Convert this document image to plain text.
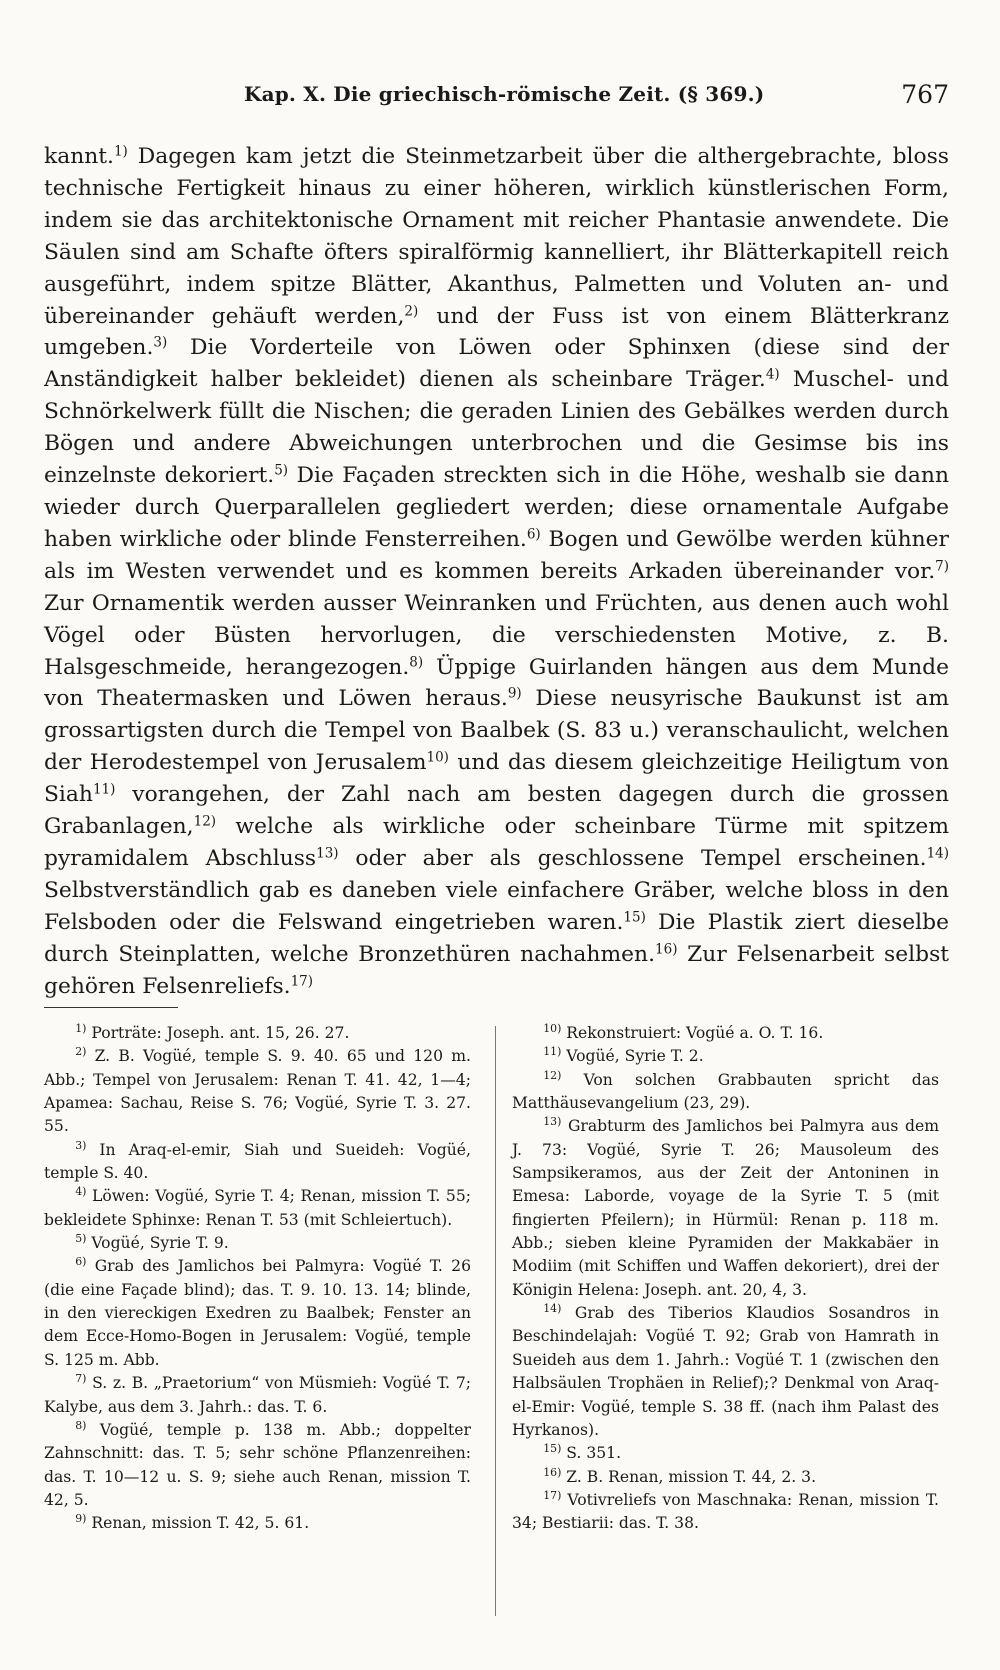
Kap. X. Die griechisch-römische Zeit. (§ 369.)	767

kannt.$^{1)}$ Dagegen kam jetzt die Steinmetzarbeit über die althergebrachte, bloss technische Fertigkeit hinaus zu einer höheren, wirklich künstlerischen Form, indem sie das architektonische Ornament mit reicher Phantasie anwendete. Die Säulen sind am Schafte öfters spiralförmig kannelliert, ihr Blätterkapitell reich ausgeführt, indem spitze Blätter, Akanthus, Palmetten und Voluten an- und übereinander gehäuft werden,$^{2)}$ und der Fuss ist von einem Blätterkranz umgeben.$^{3)}$ Die Vorderteile von Löwen oder Sphinxen (diese sind der Anständigkeit halber bekleidet) dienen als scheinbare Träger.$^{4)}$ Muschel- und Schnörkelwerk füllt die Nischen; die geraden Linien des Gebälkes werden durch Bögen und andere Abweichungen unterbrochen und die Gesimse bis ins einzelnste dekoriert.$^{5)}$ Die Façaden streckten sich in die Höhe, weshalb sie dann wieder durch Querparallelen gegliedert werden; diese ornamentale Aufgabe haben wirkliche oder blinde Fensterreihen.$^{6)}$ Bogen und Gewölbe werden kühner als im Westen verwendet und es kommen bereits Arkaden übereinander vor.$^{7)}$ Zur Ornamentik werden ausser Weinranken und Früchten, aus denen auch wohl Vögel oder Büsten hervorlugen, die verschiedensten Motive, z. B. Halsgeschmeide, herangezogen.$^{8)}$ Üppige Guirlanden hängen aus dem Munde von Theatermasken und Löwen heraus.$^{9)}$ Diese neusyrische Baukunst ist am grossartigsten durch die Tempel von Baalbek (S. 83 u.) veranschaulicht, welchen der Herodestempel von Jerusalem$^{10)}$ und das diesem gleichzeitige Heiligtum von Siah$^{11)}$ vorangehen, der Zahl nach am besten dagegen durch die grossen Grabanlagen,$^{12)}$ welche als wirkliche oder scheinbare Türme mit spitzem pyramidalem Abschluss$^{13)}$ oder aber als geschlossene Tempel erscheinen.$^{14)}$ Selbstverständlich gab es daneben viele einfachere Gräber, welche bloss in den Felsboden oder die Felswand eingetrieben waren.$^{15)}$ Die Plastik ziert dieselbe durch Steinplatten, welche Bronzethüren nachahmen.$^{16)}$ Zur Felsenarbeit selbst gehören Felsenreliefs.$^{17)}$

$^{1)}$ Porträte: Joseph. ant. 15, 26. 27.

$^{2)}$ Z. B. Vogüé, temple S. 9. 40. 65 und 120 m. Abb.; Tempel von Jerusalem: Renan T. 41. 42, 1—4; Apamea: Sachau, Reise S. 76; Vogüé, Syrie T. 3. 27. 55.

$^{3)}$ In Araq-el-emir, Siah und Sueideh: Vogüé, temple S. 40.

$^{4)}$ Löwen: Vogüé, Syrie T. 4; Renan, mission T. 55; bekleidete Sphinxe: Renan T. 53 (mit Schleiertuch).

$^{5)}$ Vogüé, Syrie T. 9.

$^{6)}$ Grab des Jamlichos bei Palmyra: Vogüé T. 26 (die eine Façade blind); das. T. 9. 10. 13. 14; blinde, in den viereckigen Exedren zu Baalbek; Fenster an dem Ecce-Homo-Bogen in Jerusalem: Vogüé, temple S. 125 m. Abb.

$^{7)}$ S. z. B. „Praetorium“ von Müsmieh: Vogüé T. 7; Kalybe, aus dem 3. Jahrh.: das. T. 6.

$^{8)}$ Vogüé, temple p. 138 m. Abb.; doppelter Zahnschnitt: das. T. 5; sehr schöne Pflanzenreihen: das. T. 10—12 u. S. 9; siehe auch Renan, mission T. 42, 5.

$^{9)}$ Renan, mission T. 42, 5. 61.

$^{10)}$ Rekonstruiert: Vogüé a. O. T. 16.

$^{11)}$ Vogüé, Syrie T. 2.

$^{12)}$ Von solchen Grabbauten spricht das Matthäusevangelium (23, 29).

$^{13)}$ Grabturm des Jamlichos bei Palmyra aus dem J. 73: Vogüé, Syrie T. 26; Mausoleum des Sampsikeramos, aus der Zeit der Antoninen in Emesa: Laborde, voyage de la Syrie T. 5 (mit fingierten Pfeilern); in Hürmül: Renan p. 118 m. Abb.; sieben kleine Pyramiden der Makkabäer in Modiim (mit Schiffen und Waffen dekoriert), drei der Königin Helena: Joseph. ant. 20, 4, 3.

$^{14)}$ Grab des Tiberios Klaudios Sosandros in Beschindelajah: Vogüé T. 92; Grab von Hamrath in Sueideh aus dem 1. Jahrh.: Vogüé T. 1 (zwischen den Halbsäulen Trophäen in Relief);? Denkmal von Araq-el-Emir: Vogüé, temple S. 38 ff. (nach ihm Palast des Hyrkanos).

$^{15)}$ S. 351.

$^{16)}$ Z. B. Renan, mission T. 44, 2. 3.

$^{17)}$ Votivreliefs von Maschnaka: Renan, mission T. 34; Bestiarii: das. T. 38.
